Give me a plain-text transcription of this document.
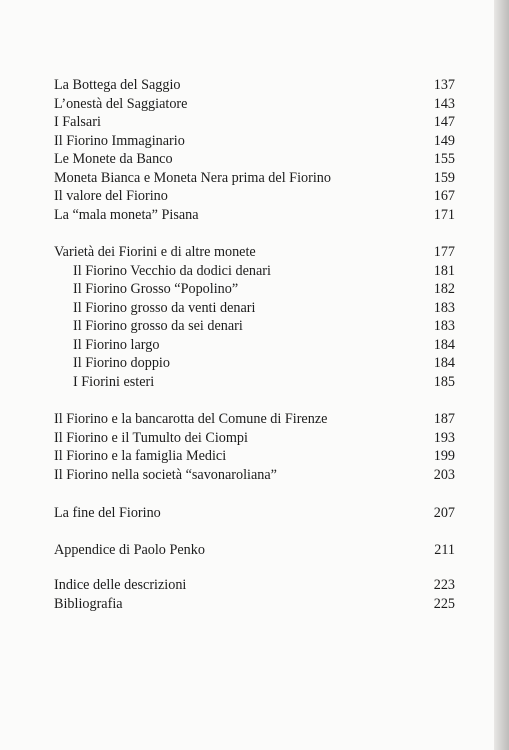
La Bottega del Saggio	137
L’onestà del Saggiatore	143
I Falsari	147
Il Fiorino Immaginario	149
Le Monete da Banco	155
Moneta Bianca e Moneta Nera prima del Fiorino	159
Il valore del Fiorino	167
La “mala moneta” Pisana	171
Varietà dei Fiorini e di altre monete	177
Il Fiorino Vecchio da dodici denari	181
Il Fiorino Grosso “Popolino”	182
Il Fiorino grosso da venti denari	183
Il Fiorino grosso da sei denari	183
Il Fiorino largo	184
Il Fiorino doppio	184
I Fiorini esteri	185
Il Fiorino e la bancarotta del Comune di Firenze	187
Il Fiorino e il Tumulto dei Ciompi	193
Il Fiorino e la famiglia Medici	199
Il Fiorino nella società “savonaroliana”	203
La fine del Fiorino	207
Appendice di Paolo Penko	211
Indice delle descrizioni	223
Bibliografia	225
